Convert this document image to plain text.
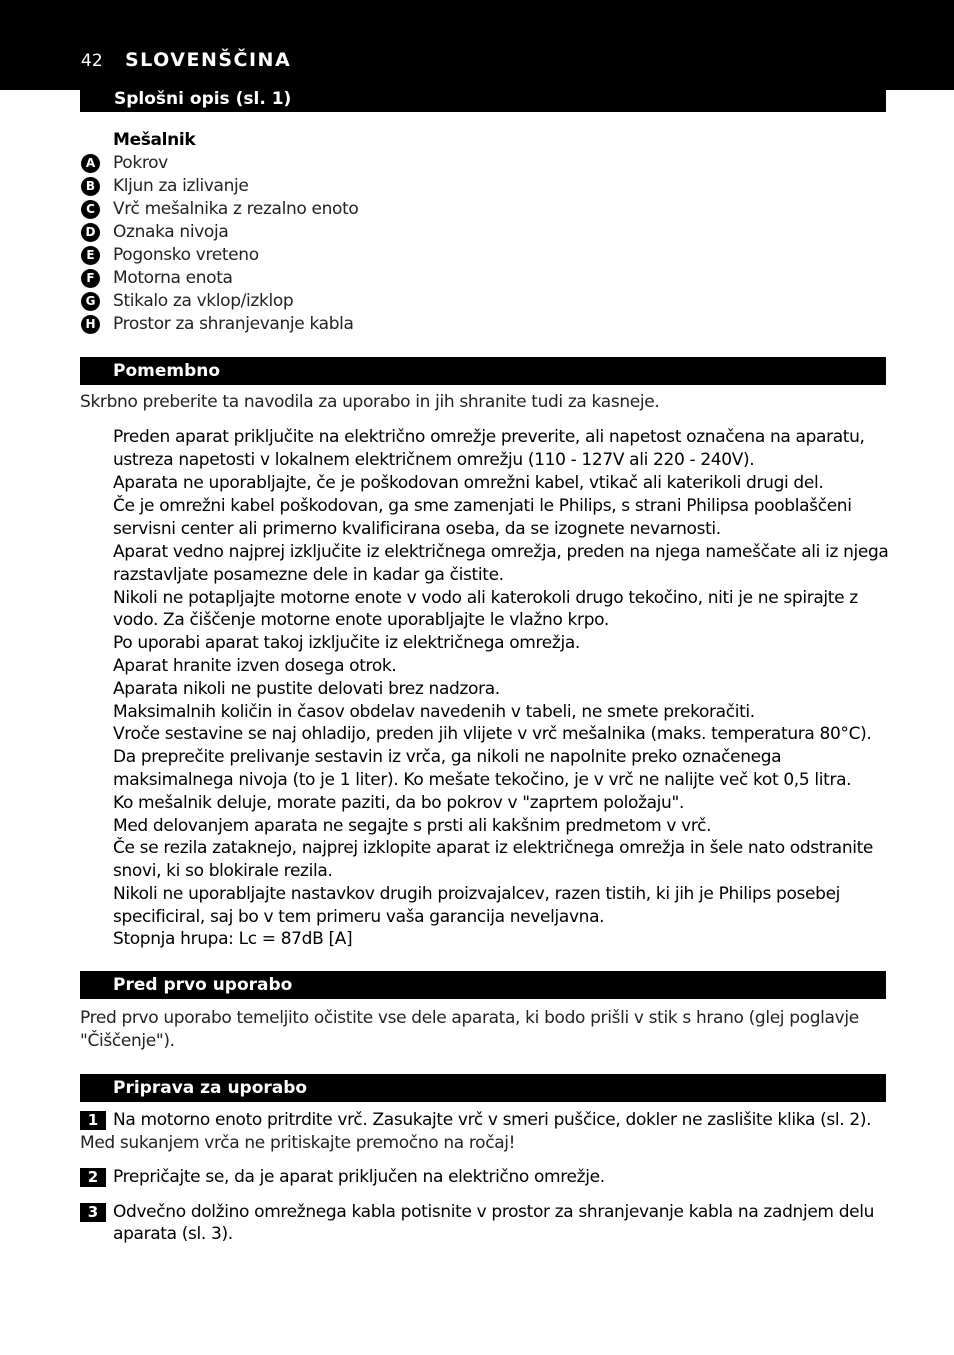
42 SLOVENŠČINA
Splošni opis (sl. 1)
Mešalnik
A Pokrov
B Kljun za izlivanje
C Vrč mešalnika z rezalno enoto
D Oznaka nivoja
E	Pogonsko vreteno
F	Motorna enota
G Stikalo za vklop/izklop
H Prostor za shranjevanje kabla
Pomembno
Skrbno preberite ta navodila za uporabo in jih shranite tudi za kasneje.
Preden aparat priključite na električno omrežje preverite, ali napetost označena na aparatu,
ustreza napetosti v lokalnem električnem omrežju (110 - 127V ali 220 - 240V).
Aparata ne uporabljajte, če je poškodovan omrežni kabel, vtikač ali katerikoli drugi del.
Če je omrežni kabel poškodovan, ga sme zamenjati le Philips, s strani Philipsa pooblaščeni
servisni center ali primerno kvalificirana oseba, da se izognete nevarnosti.
Aparat vedno najprej izključite iz električnega omrežja, preden na njega nameščate ali iz njega
razstavljate posamezne dele in kadar ga čistite.
Nikoli ne potapljajte motorne enote v vodo ali katerokoli drugo tekočino, niti je ne spirajte z
vodo. Za čiščenje motorne enote uporabljajte le vlažno krpo.
Po uporabi aparat takoj izključite iz električnega omrežja.
Aparat hranite izven dosega otrok.
Aparata nikoli ne pustite delovati brez nadzora.
Maksimalnih količin in časov obdelav navedenih v tabeli, ne smete prekoračiti.
Vroče sestavine se naj ohladijo, preden jih vlijete v vrč mešalnika (maks. temperatura 80°C).
Da preprečite prelivanje sestavin iz vrča, ga nikoli ne napolnite preko označenega
maksimalnega nivoja (to je 1 liter). Ko mešate tekočino, je v vrč ne nalijte več kot 0,5 litra.
Ko mešalnik deluje, morate paziti, da bo pokrov v "zaprtem položaju".
Med delovanjem aparata ne segajte s prsti ali kakšnim predmetom v vrč.
Če se rezila zataknejo, najprej izklopite aparat iz električnega omrežja in šele nato odstranite
snovi, ki so blokirale rezila.
Nikoli ne uporabljajte nastavkov drugih proizvajalcev, razen tistih, ki jih je Philips posebej
specificiral, saj bo v tem primeru vaša garancija neveljavna.
Stopnja hrupa: Lc = 87dB [A]
Pred prvo uporabo
Pred prvo uporabo temeljito očistite vse dele aparata, ki bodo prišli v stik s hrano (glej poglavje
"Čiščenje").
Priprava za uporabo
1 Na motorno enoto pritrdite vrč. Zasukajte vrč v smeri puščice, dokler ne zaslišite klika (sl. 2).
Med sukanjem vrča ne pritiskajte premočno na ročaj!
2 Prepričajte se, da je aparat priključen na električno omrežje.
3 Odvečno dolžino omrežnega kabla potisnite v prostor za shranjevanje kabla na zadnjem delu
aparata (sl. 3).
